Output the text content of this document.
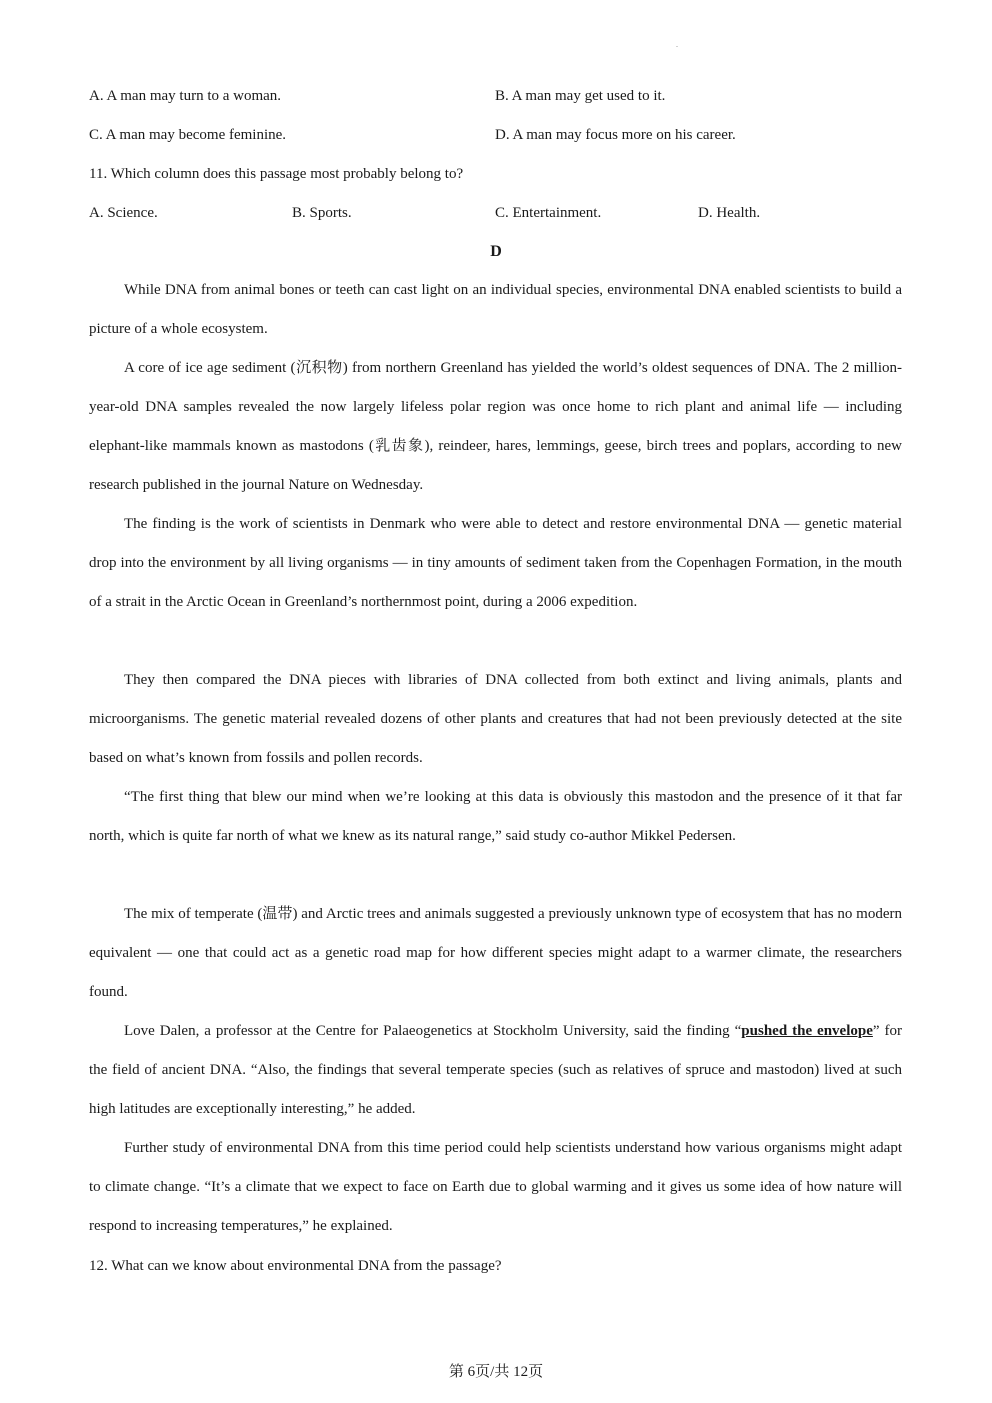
.
A. A man may turn to a woman.	B. A man may get used to it.
C. A man may become feminine.	D. A man may focus more on his career.
11. Which column does this passage most probably belong to?
A. Science.	B. Sports.	C. Entertainment.	D. Health.
D

While DNA from animal bones or teeth can cast light on an individual species, environmental DNA enabled scientists to build a picture of a whole ecosystem.

A core of ice age sediment (沉积物) from northern Greenland has yielded the world’s oldest sequences of DNA. The 2 million-year-old DNA samples revealed the now largely lifeless polar region was once home to rich plant and animal life — including elephant-like mammals known as mastodons (乳齿象), reindeer, hares, lemmings, geese, birch trees and poplars, according to new research published in the journal Nature on Wednesday.

The finding is the work of scientists in Denmark who were able to detect and restore environmental DNA — genetic material drop into the environment by all living organisms — in tiny amounts of sediment taken from the Copenhagen Formation, in the mouth of a strait in the Arctic Ocean in Greenland’s northernmost point, during a 2006 expedition.

They then compared the DNA pieces with libraries of DNA collected from both extinct and living animals, plants and microorganisms. The genetic material revealed dozens of other plants and creatures that had not been previously detected at the site based on what’s known from fossils and pollen records.

“The first thing that blew our mind when we’re looking at this data is obviously this mastodon and the presence of it that far north, which is quite far north of what we knew as its natural range,” said study co-author Mikkel Pedersen.

The mix of temperate (温带) and Arctic trees and animals suggested a previously unknown type of ecosystem that has no modern equivalent — one that could act as a genetic road map for how different species might adapt to a warmer climate, the researchers found.

Love Dalen, a professor at the Centre for Palaeogenetics at Stockholm University, said the finding “pushed the envelope” for the field of ancient DNA. “Also, the findings that several temperate species (such as relatives of spruce and mastodon) lived at such high latitudes are exceptionally interesting,” he added.

Further study of environmental DNA from this time period could help scientists understand how various organisms might adapt to climate change. “It’s a climate that we expect to face on Earth due to global warming and it gives us some idea of how nature will respond to increasing temperatures,” he explained.

12. What can we know about environmental DNA from the passage?
第 6页/共 12页
